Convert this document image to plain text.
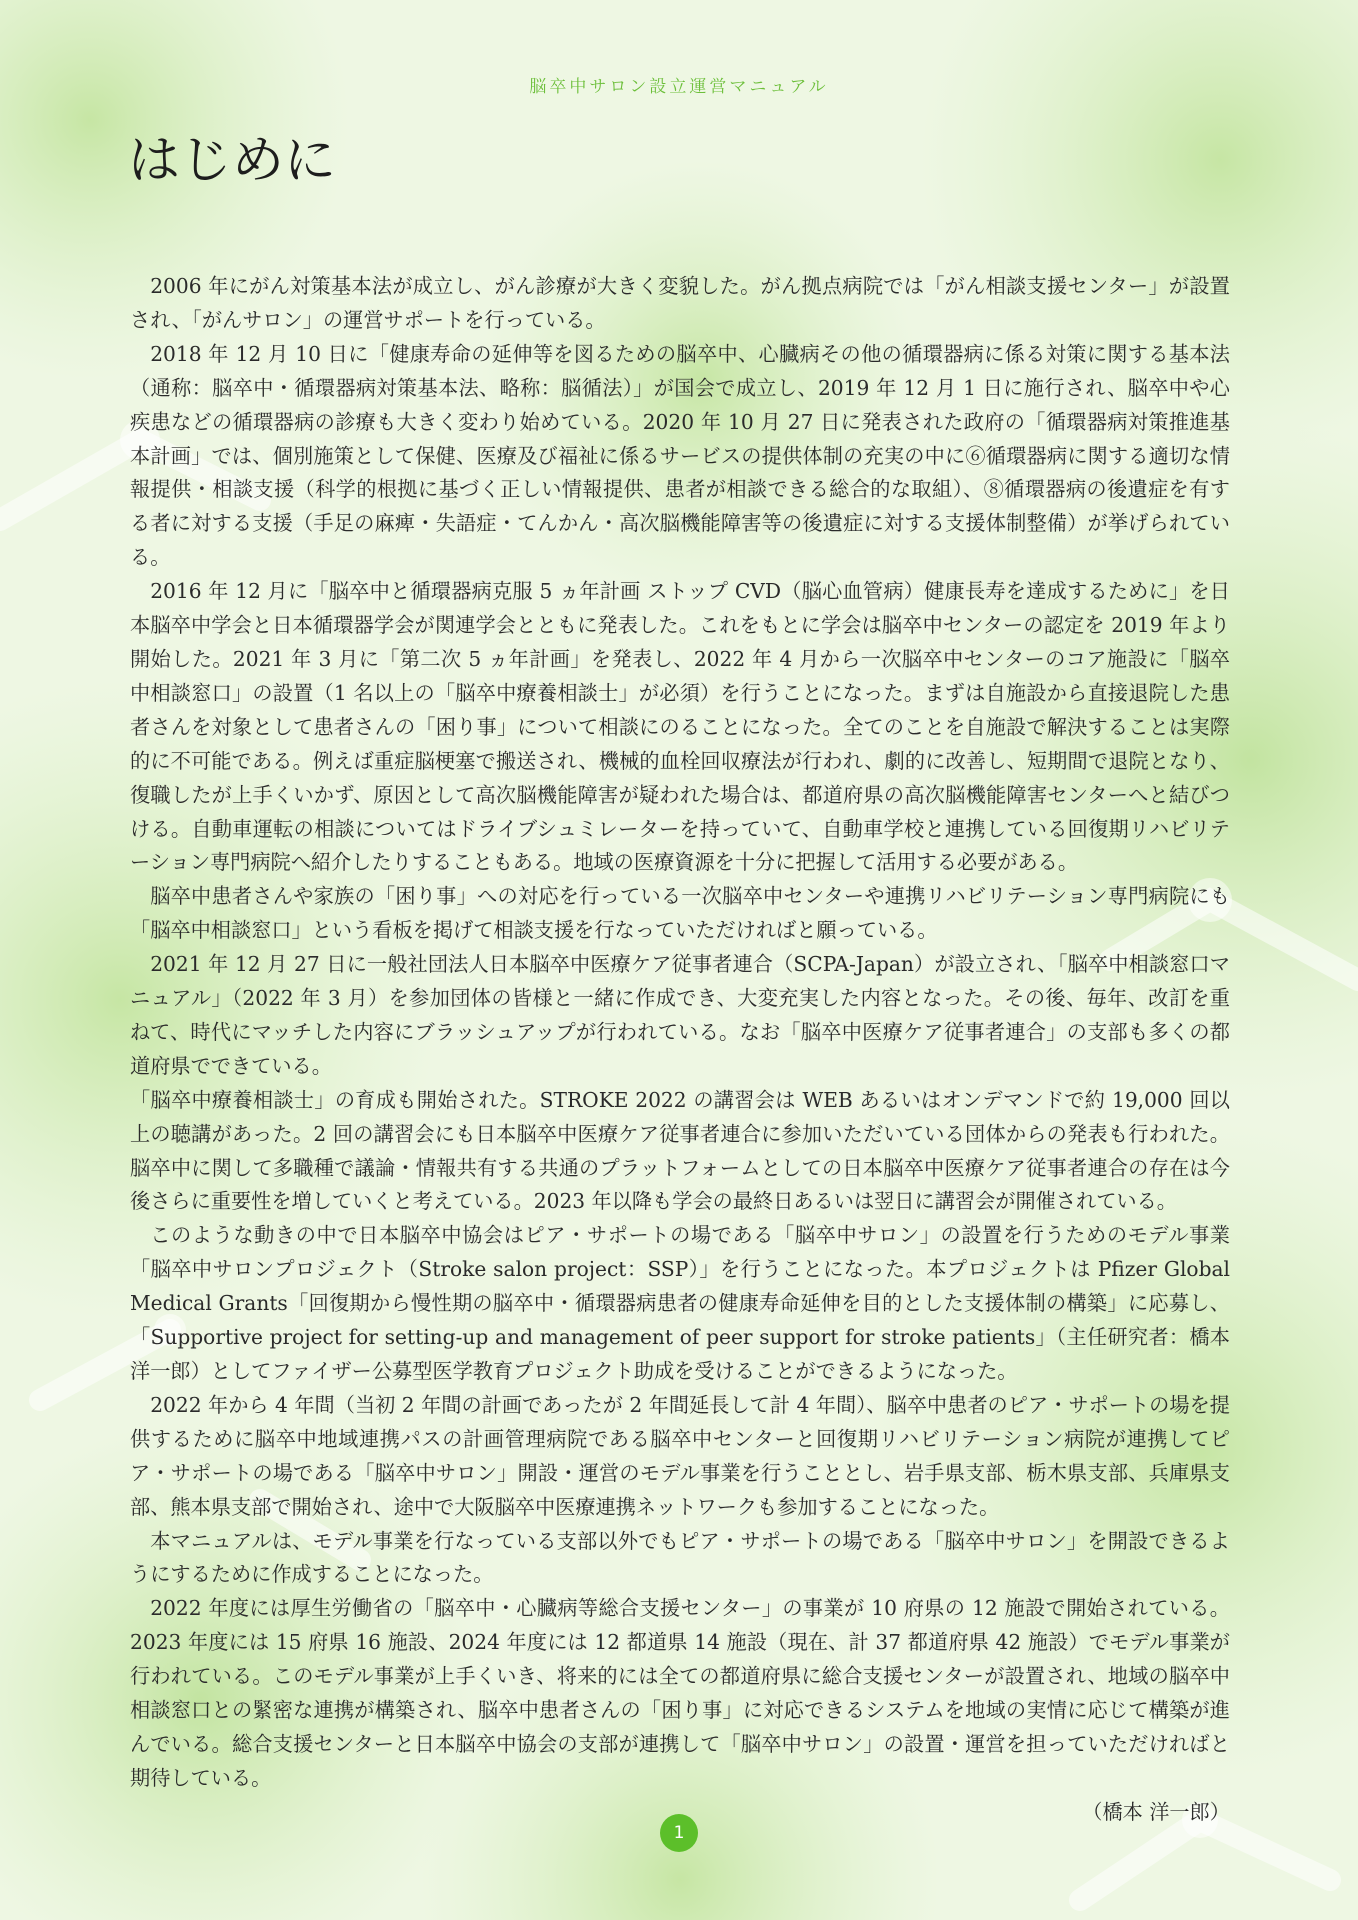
脳卒中サロン設立運営マニュアル
はじめに

2006 年にがん対策基本法が成立し、がん診療が大きく変貌した。がん拠点病院では「がん相談支援センター」が設置され、「がんサロン」の運営サポートを行っている。

2018 年 12 月 10 日に「健康寿命の延伸等を図るための脳卒中、心臓病その他の循環器病に係る対策に関する基本法（通称：脳卒中・循環器病対策基本法、略称：脳循法）」が国会で成立し、2019 年 12 月 1 日に施行され、脳卒中や心疾患などの循環器病の診療も大きく変わり始めている。2020 年 10 月 27 日に発表された政府の「循環器病対策推進基本計画」では、個別施策として保健、医療及び福祉に係るサービスの提供体制の充実の中に⑥循環器病に関する適切な情報提供・相談支援（科学的根拠に基づく正しい情報提供、患者が相談できる総合的な取組）、⑧循環器病の後遺症を有する者に対する支援（手足の麻痺・失語症・てんかん・高次脳機能障害等の後遺症に対する支援体制整備）が挙げられている。

2016 年 12 月に「脳卒中と循環器病克服 5 ヵ年計画 ストップ CVD（脳心血管病）健康長寿を達成するために」を日本脳卒中学会と日本循環器学会が関連学会とともに発表した。これをもとに学会は脳卒中センターの認定を 2019 年より開始した。2021 年 3 月に「第二次 5 ヵ年計画」を発表し、2022 年 4 月から一次脳卒中センターのコア施設に「脳卒中相談窓口」の設置（1 名以上の「脳卒中療養相談士」が必須）を行うことになった。まずは自施設から直接退院した患者さんを対象として患者さんの「困り事」について相談にのることになった。全てのことを自施設で解決することは実際的に不可能である。例えば重症脳梗塞で搬送され、機械的血栓回収療法が行われ、劇的に改善し、短期間で退院となり、復職したが上手くいかず、原因として高次脳機能障害が疑われた場合は、都道府県の高次脳機能障害センターへと結びつける。自動車運転の相談についてはドライブシュミレーターを持っていて、自動車学校と連携している回復期リハビリテーション専門病院へ紹介したりすることもある。地域の医療資源を十分に把握して活用する必要がある。

脳卒中患者さんや家族の「困り事」への対応を行っている一次脳卒中センターや連携リハビリテーション専門病院にも「脳卒中相談窓口」という看板を掲げて相談支援を行なっていただければと願っている。

2021 年 12 月 27 日に一般社団法人日本脳卒中医療ケア従事者連合（SCPA-Japan）が設立され、「脳卒中相談窓口マニュアル」（2022 年 3 月）を参加団体の皆様と一緒に作成でき、大変充実した内容となった。その後、毎年、改訂を重ねて、時代にマッチした内容にブラッシュアップが行われている。なお「脳卒中医療ケア従事者連合」の支部も多くの都道府県でできている。

「脳卒中療養相談士」の育成も開始された。STROKE 2022 の講習会は WEB あるいはオンデマンドで約 19,000 回以上の聴講があった。2 回の講習会にも日本脳卒中医療ケア従事者連合に参加いただいている団体からの発表も行われた。脳卒中に関して多職種で議論・情報共有する共通のプラットフォームとしての日本脳卒中医療ケア従事者連合の存在は今後さらに重要性を増していくと考えている。2023 年以降も学会の最終日あるいは翌日に講習会が開催されている。

このような動きの中で日本脳卒中協会はピア・サポートの場である「脳卒中サロン」の設置を行うためのモデル事業「脳卒中サロンプロジェクト（Stroke salon project：SSP）」を行うことになった。本プロジェクトは Pfizer Global Medical Grants「回復期から慢性期の脳卒中・循環器病患者の健康寿命延伸を目的とした支援体制の構築」に応募し、「Supportive project for setting-up and management of peer support for stroke patients」（主任研究者：橋本洋一郎）としてファイザー公募型医学教育プロジェクト助成を受けることができるようになった。

2022 年から 4 年間（当初 2 年間の計画であったが 2 年間延長して計 4 年間）、脳卒中患者のピア・サポートの場を提供するために脳卒中地域連携パスの計画管理病院である脳卒中センターと回復期リハビリテーション病院が連携してピア・サポートの場である「脳卒中サロン」開設・運営のモデル事業を行うこととし、岩手県支部、栃木県支部、兵庫県支部、熊本県支部で開始され、途中で大阪脳卒中医療連携ネットワークも参加することになった。

本マニュアルは、モデル事業を行なっている支部以外でもピア・サポートの場である「脳卒中サロン」を開設できるようにするために作成することになった。

2022 年度には厚生労働省の「脳卒中・心臓病等総合支援センター」の事業が 10 府県の 12 施設で開始されている。2023 年度には 15 府県 16 施設、2024 年度には 12 都道県 14 施設（現在、計 37 都道府県 42 施設）でモデル事業が行われている。このモデル事業が上手くいき、将来的には全ての都道府県に総合支援センターが設置され、地域の脳卒中相談窓口との緊密な連携が構築され、脳卒中患者さんの「困り事」に対応できるシステムを地域の実情に応じて構築が進んでいる。総合支援センターと日本脳卒中協会の支部が連携して「脳卒中サロン」の設置・運営を担っていただければと期待している。

（橋本 洋一郎）

1
